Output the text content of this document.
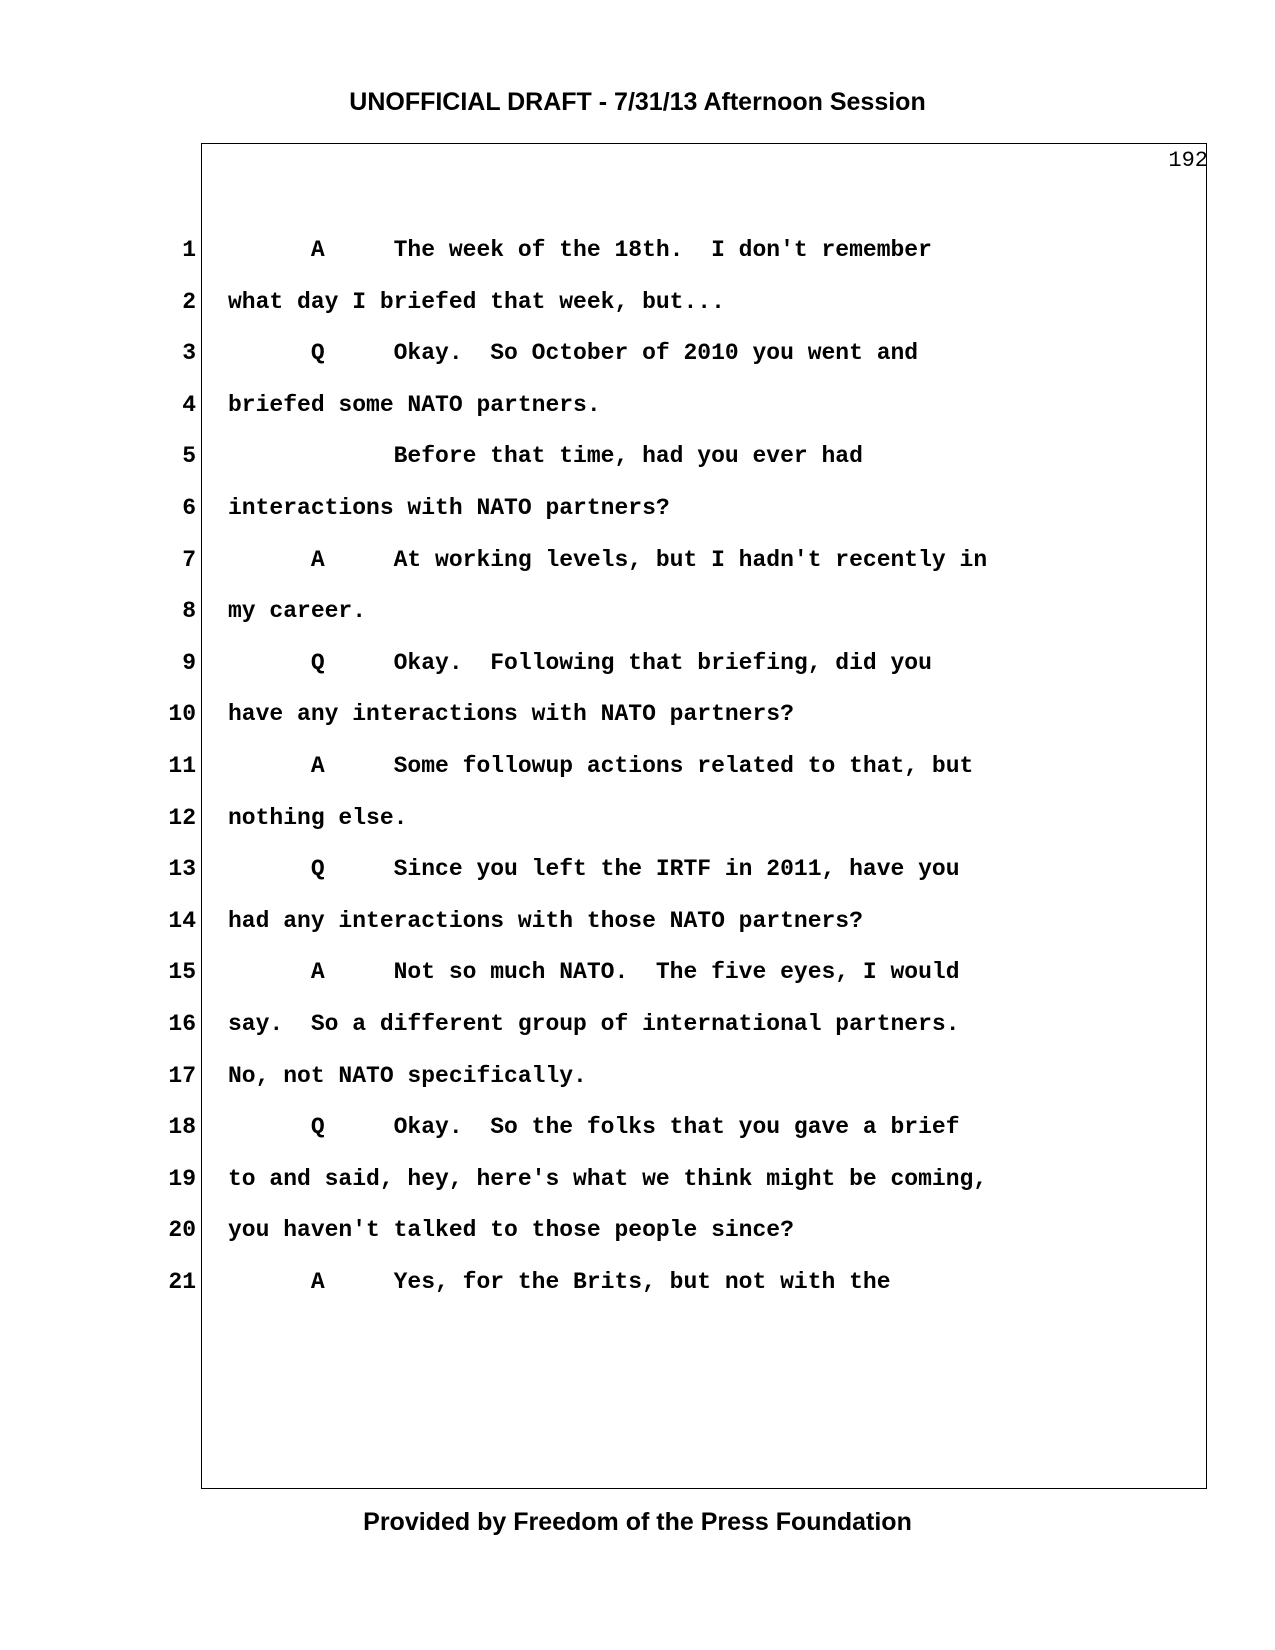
UNOFFICIAL DRAFT - 7/31/13 Afternoon Session
192
1 A     The week of the 18th.  I don't remember
2 what day I briefed that week, but...
3 Q     Okay.  So October of 2010 you went and
4 briefed some NATO partners.
5 Before that time, had you ever had
6 interactions with NATO partners?
7 A     At working levels, but I hadn't recently in
8 my career.
9 Q     Okay.  Following that briefing, did you
10 have any interactions with NATO partners?
11 A     Some followup actions related to that, but
12 nothing else.
13 Q     Since you left the IRTF in 2011, have you
14 had any interactions with those NATO partners?
15 A     Not so much NATO.  The five eyes, I would
16 say.  So a different group of international partners.
17 No, not NATO specifically.
18 Q     Okay.  So the folks that you gave a brief
19 to and said, hey, here's what we think might be coming,
20 you haven't talked to those people since?
21 A     Yes, for the Brits, but not with the
Provided by Freedom of the Press Foundation
